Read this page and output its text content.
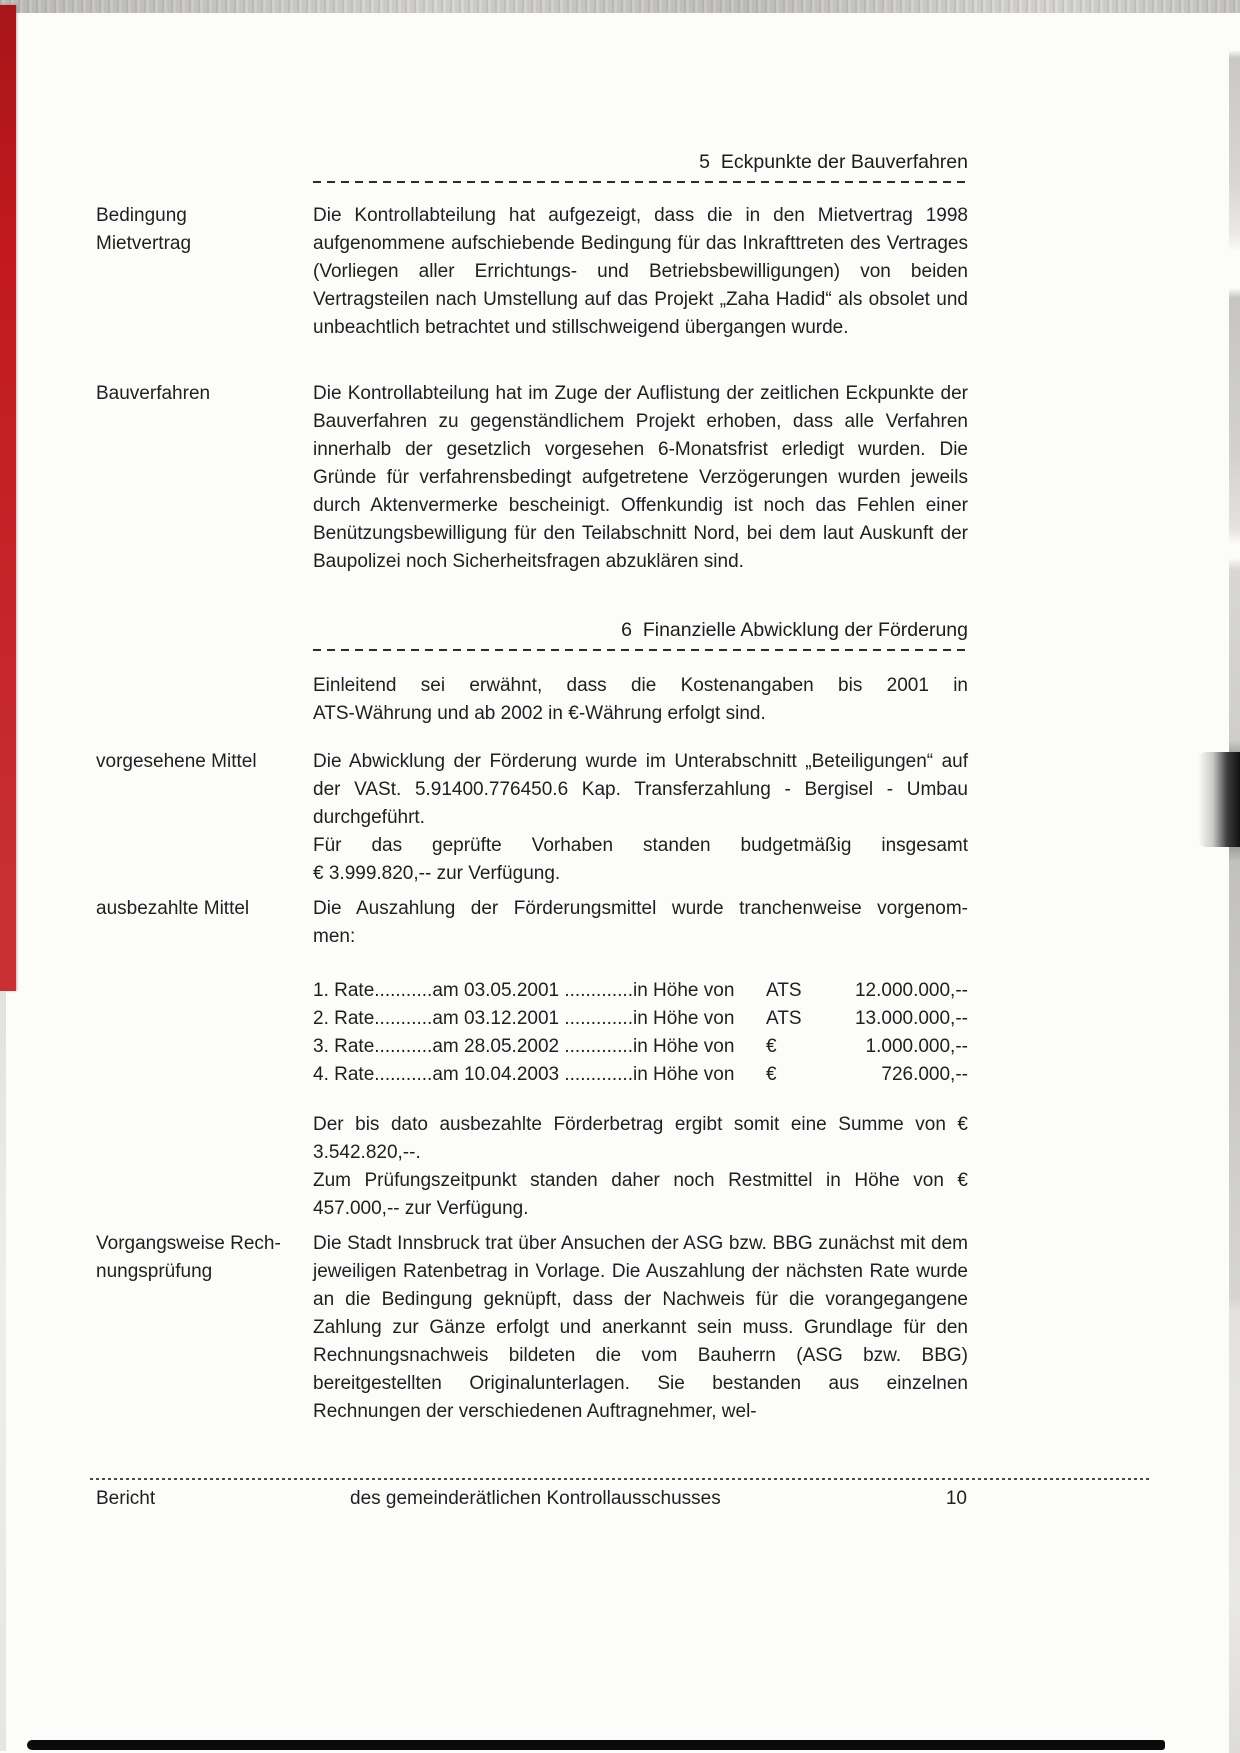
5  Eckpunkte der Bauverfahren
Bedingung
Mietvertrag
Die Kontrollabteilung hat aufgezeigt, dass die in den Mietvertrag 1998 aufgenommene aufschiebende Bedingung für das Inkrafttreten des Vertrages (Vorliegen aller Errichtungs- und Betriebsbewilligungen) von beiden Vertragsteilen nach Umstellung auf das Projekt „Zaha Hadid“ als obsolet und unbeachtlich betrachtet und stillschweigend übergangen wurde.
Bauverfahren	Die Kontrollabteilung hat im Zuge der Auflistung der zeitlichen Eckpunkte der Bauverfahren zu gegenständlichem Projekt erhoben, dass alle Verfahren innerhalb der gesetzlich vorgesehen 6-Monatsfrist erledigt wurden. Die Gründe für verfahrensbedingt aufgetretene Verzögerungen wurden jeweils durch Aktenvermerke bescheinigt. Offenkundig ist noch das Fehlen einer Benützungsbewilligung für den Teilabschnitt Nord, bei dem laut Auskunft der Baupolizei noch Sicherheitsfragen abzuklären sind.
6  Finanzielle Abwicklung der Förderung
Einleitend sei erwähnt, dass die Kostenangaben bis 2001 in
ATS-Währung und ab 2002 in €-Währung erfolgt sind.
vorgesehene Mittel	Die Abwicklung der Förderung wurde im Unterabschnitt „Beteiligungen“ auf der VASt. 5.91400.776450.6 Kap. Transferzahlung - Bergisel - Umbau durchgeführt.
Für das geprüfte Vorhaben standen budgetmäßig insgesamt
€ 3.999.820,-- zur Verfügung.
ausbezahlte Mittel	Die Auszahlung der Förderungsmittel wurde tranchenweise vorgenom-
men:
1. Rate...........am 03.05.2001 .............in Höhe von	ATS	12.000.000,--
2. Rate...........am 03.12.2001 .............in Höhe von	ATS	13.000.000,--
3. Rate...........am 28.05.2002 .............in Höhe von	€	1.000.000,--
4. Rate...........am 10.04.2003 .............in Höhe von	€	726.000,--
Der bis dato ausbezahlte Förderbetrag ergibt somit eine Summe von € 3.542.820,--.
Zum Prüfungszeitpunkt standen daher noch Restmittel in Höhe von € 457.000,-- zur Verfügung.
Vorgangsweise Rech-
nungsprüfung
Die Stadt Innsbruck trat über Ansuchen der ASG bzw. BBG zunächst mit dem jeweiligen Ratenbetrag in Vorlage. Die Auszahlung der nächsten Rate wurde an die Bedingung geknüpft, dass der Nachweis für die vorangegangene Zahlung zur Gänze erfolgt und anerkannt sein muss. Grundlage für den Rechnungsnachweis bildeten die vom Bauherrn (ASG bzw. BBG) bereitgestellten Originalunterlagen. Sie bestanden aus einzelnen Rechnungen der verschiedenen Auftragnehmer, wel-
Bericht	des gemeinderätlichen Kontrollausschusses	10
